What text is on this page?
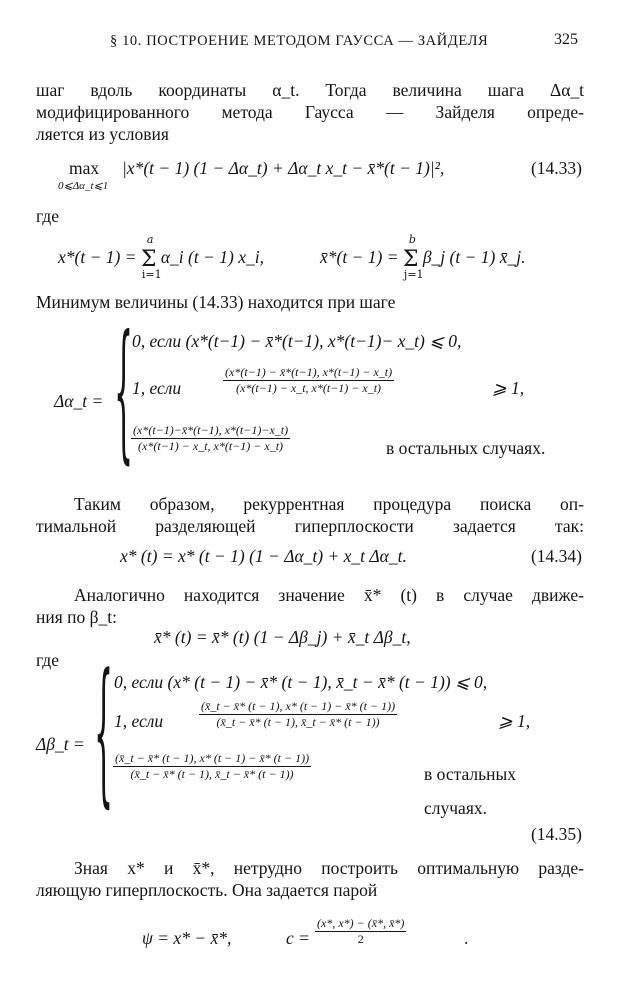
§ 10. ПОСТРОЕНИЕ МЕТОДОМ ГАУССА — ЗАЙДЕЛЯ	325
шаг вдоль координаты α_t. Тогда величина шага Δα_t
модифицированного метода Гаусса — Зайделя опреде-
ляется из условия
max
0⩽Δα_t⩽1
|x*(t − 1) (1 − Δα_t) + Δα_t x_t − x̄*(t − 1)|²,	(14.33)
где
x*(t − 1) = Σ
a
i=1
α_i (t − 1) x_i,	x̄*(t − 1) = Σ
b
j=1
β_j (t − 1) x̄_j.
Минимум величины (14.33) находится при шаге
Δα_t = {
0, если (x*(t−1) − x̄*(t−1), x*(t−1)− x_t) ⩽ 0,
1, если	$\frac{(x*(t-1) - x̄*(t-1), x*(t-1) - x\_t)}{(x*(t-1) - x\_t, x*(t-1) - x\_t)}$	⩾ 1,
$\frac{(x*(t-1)-x̄*(t-1), x*(t-1)-x\_t)}{(x*(t-1) - x\_t, x*(t-1) - x\_t)}$	в остальных случаях.
Таким образом, рекуррентная процедура поиска оп-
тимальной разделяющей гиперплоскости задается так:
x* (t) = x* (t − 1) (1 − Δα_t) + x_t Δα_t.	(14.34)
Аналогично находится значение x̄* (t) в случае движе-
ния по β_t:
x̄* (t) = x̄* (t) (1 − Δβ_j) + x̄_t Δβ_t,
где
Δβ_t = { 0, если (x* (t − 1) − x̄* (t − 1), x̄_t − x̄* (t − 1)) ⩽ 0,
1, если	$\frac{(x̄\_t - x̄* (t - 1), x* (t - 1) - x̄* (t - 1))}{(x̄\_t - x̄* (t - 1), x̄\_t - x̄* (t - 1))}$	⩾ 1,
$\frac{(x̄\_t - x̄* (t - 1), x* (t - 1) - x̄* (t - 1))}{(x̄\_t - x̄* (t - 1), x̄\_t - x̄* (t - 1))}$	в остальных
случаях.
(14.35)
Зная x* и x̄*, нетрудно построить оптимальную разде-
ляющую гиперплоскость. Она задается парой
ψ = x* − x̄*,	$c = \frac{(x*, x*) - (x̄*, x̄*)}{2}$	.
